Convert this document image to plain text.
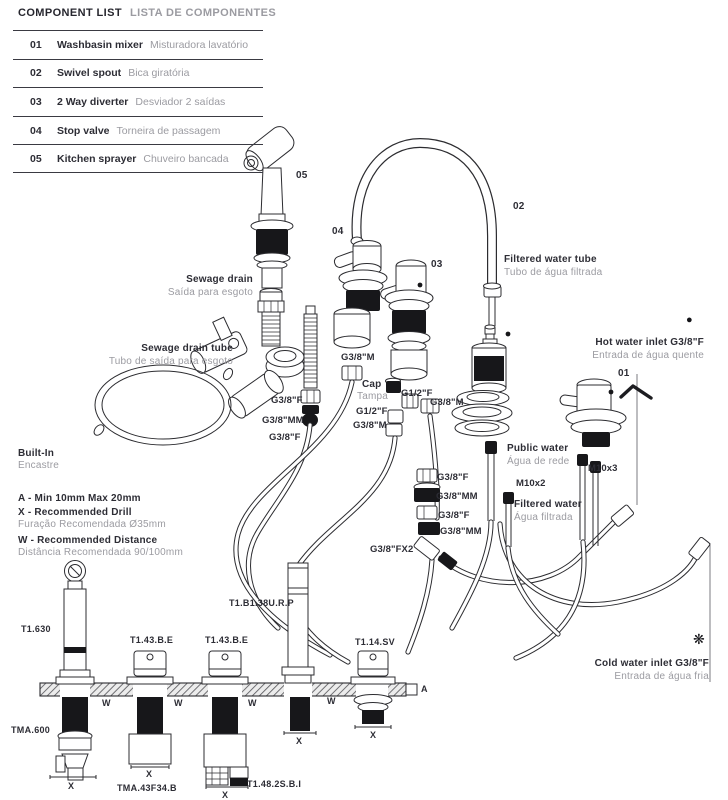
COMPONENT LIST LISTA DE COMPONENTES
01	Washbasin mixer Misturadora lavatório
02	Swivel spout Bica giratória
03	2 Way diverter Desviador 2 saídas
04	Stop valve Torneira de passagem
05	Kitchen sprayer Chuveiro bancada
05
04
03
02
01
Sewage drain
Saída para esgoto
Sewage drain tube
Tubo de saída para esgoto
Filtered water tube
Tubo de água filtrada
Hot water inlet G3/8"F
Entrada de água quente
Cold water inlet G3/8"F
Entrada de água fria
Public water
Água de rede
Filtered water
Água filtrada
Cap
Tampa
G3/8"M
G1/2"F
G3/8"M
G1/2"F
G3/8"M
G3/8"F
G3/8"MM
G3/8"F
G3/8"F
G3/8"MM
G3/8"F
G3/8"MM
G3/8"FX2
M10x2
M10x3
Built-In
Encastre
A - Min 10mm Max 20mm
X - Recommended Drill
Furação Recomendada Ø35mm
W - Recommended Distance
Distância Recomendada 90/100mm
T1.630
TMA.600
T1.43.B.E	T1.43.B.E
T1.B1.38U.R.P
T1.14.SV
TMA.43F34.B	T1.48.2S.B.I
X
X
X
X
X
W	W	W	W
A
●
❋
